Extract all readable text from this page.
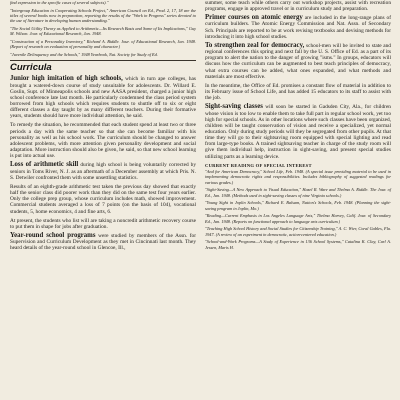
find expression in the specific cases of several subjects)."

"Intergroup Education in Cooperating Schools Project," American Council on Ed., Prod. 2, 17, 18 are the titles of several books now in preparation, reporting the results of the "Work in Progress" series devoted to the use of literature in developing human understanding."

"The Social Utility Theory as Applied to Arithmetic—Its Research Basis and Some of Its Implications," Guy M. Wilson. Jour. of Educational Research, Jan. 1948.

"Construction of a Personality Inventory," Richard A. Biddle. Jour. of Educational Research, Jan. 1948. (Report of research on evaluation of personality and character.)

"Juvenile Delinquency and the Schools," 1948 Yearbook, Nat. Society for Study of Ed.

Curricula

Junior high imitation of high schools, which in turn ape colleges, has brought a watered-down course of study unsuitable for adolescents. Dr. Willard E. Goslin, Supt. of Minneapolis schools and new AASA president, charged a junior high school conference late last month. He particularly condemned the class period system borrowed from high schools which requires students to shuttle off to six or eight different classes a day taught by as many different teachers. During their formative years, students should have more individual attention, he said.

To remedy the situation, he recommended that each student spend at least two or three periods a day with the same teacher so that she can become familiar with his personality as well as his school work. The curriculum should be changed to answer adolescent problems, with more attention given personality development and social adaptation. More instruction should also be given, he said, so that new school learning is put into actual use.

Loss of arithmetic skill during high school is being voluntarily corrected by seniors in Toms River, N. J. as an aftermath of a December assembly at which Pris. N. S. Detwiler confronted them with some unsettling statistics.

Results of an eighth-grade arithmetic test taken the previous day showed that exactly half the senior class did poorer work than they did on the same test four years earlier. Only the college prep group, whose curriculum includes math, showed improvement. Commercial students averaged a loss of 7 points (on the basis of 104), vocational students, 5, home economics, 4 and fine arts, 6.

At present, the students who list will are taking a noncredit arithmetic recovery course to put them in shape for jobs after graduation.

Year-round school programs were studied by members of the Assn. for Supervision and Curriculum Development as they met in Cincinnati last month. They heard details of the year-round school in Glencoe, Ill.,

summer, some teach while others carry out workshop projects, assist with recreation programs, engage in approved travel or in curriculum study and preparation.

Primer courses on atomic energy are included in the long-range plans of curriculum builders. The Atomic Energy Commission and Nat. Assn. of Secondary Sch. Principals are reported to be at work revising textbooks and devising methods for introducing it into high school studies.

To strengthen zeal for democracy, school-men will be invited to state and regional conferences this spring and next fall by the U. S. Office of Ed. as a part of its program to alert the nation to the danger of growing "isms." In groups, educators will discuss how the curriculum can be augmented to best teach principles of democracy, what extra courses can be added, what ones expanded, and what methods and materials are most effective.

In the meantime, the Office of Ed. promises a constant flow of material in addition to its February issue of School Life, and has added 15 educators to its staff to assist with the job.

Sight-saving classes will soon be started in Gadsden City, Ala., for children whose vision is too low to enable them to take full part in regular school work, yet too high for special schools. As in other locations where such classes have been organized, children will be taught conservation of vision and receive a specialized, yet normal education. Only during study periods will they be segregated from other pupils. At that time they will go to their sightsaving room equipped with special lighting and read from large-type books. A trained sightsaving teacher in charge of the study room will give them individual help, instruction in sight-saving, and present special studies utilizing parts as a learning device.

CURRENT READING OF SPECIAL INTEREST

"And for American Democracy," School Life, Feb. 1948. (A special issue providing material to be used in implementing democratic rights and responsibilities. Includes bibliography of suggested readings for various grades.)

"Sight-Saving—A New Approach to Visual Education," Hazel R. Ware and Thelma A. Riddle. The Jour. of Ed., Jan. 1948. (Methods used in sight-saving classes of nine Virginia schools.)

"Young Sight in Joplin Schools," Richard E. Balsam, Nation's Schools, Feb. 1948. (Planning the sight-saving program in Joplin, Mo.)

"Reading—Current Emphasis in Los Angeles Language Arts," Thelma Harvey, Calif. Jour. of Secondary Ed., Jan. 1948. (Reports on functional approach to language arts curriculum.)

"Teaching High School History and Social Studies for Citizenship Training," A. C. Wier, Coral Gables, Fla. 1947. (A review of an experiment in democratic, action-centered education.)

"School-and-Work Programs—A Study of Experience in 136 School Systems," Catalina K. Clay, Carl A. Jessen, Maris H.
